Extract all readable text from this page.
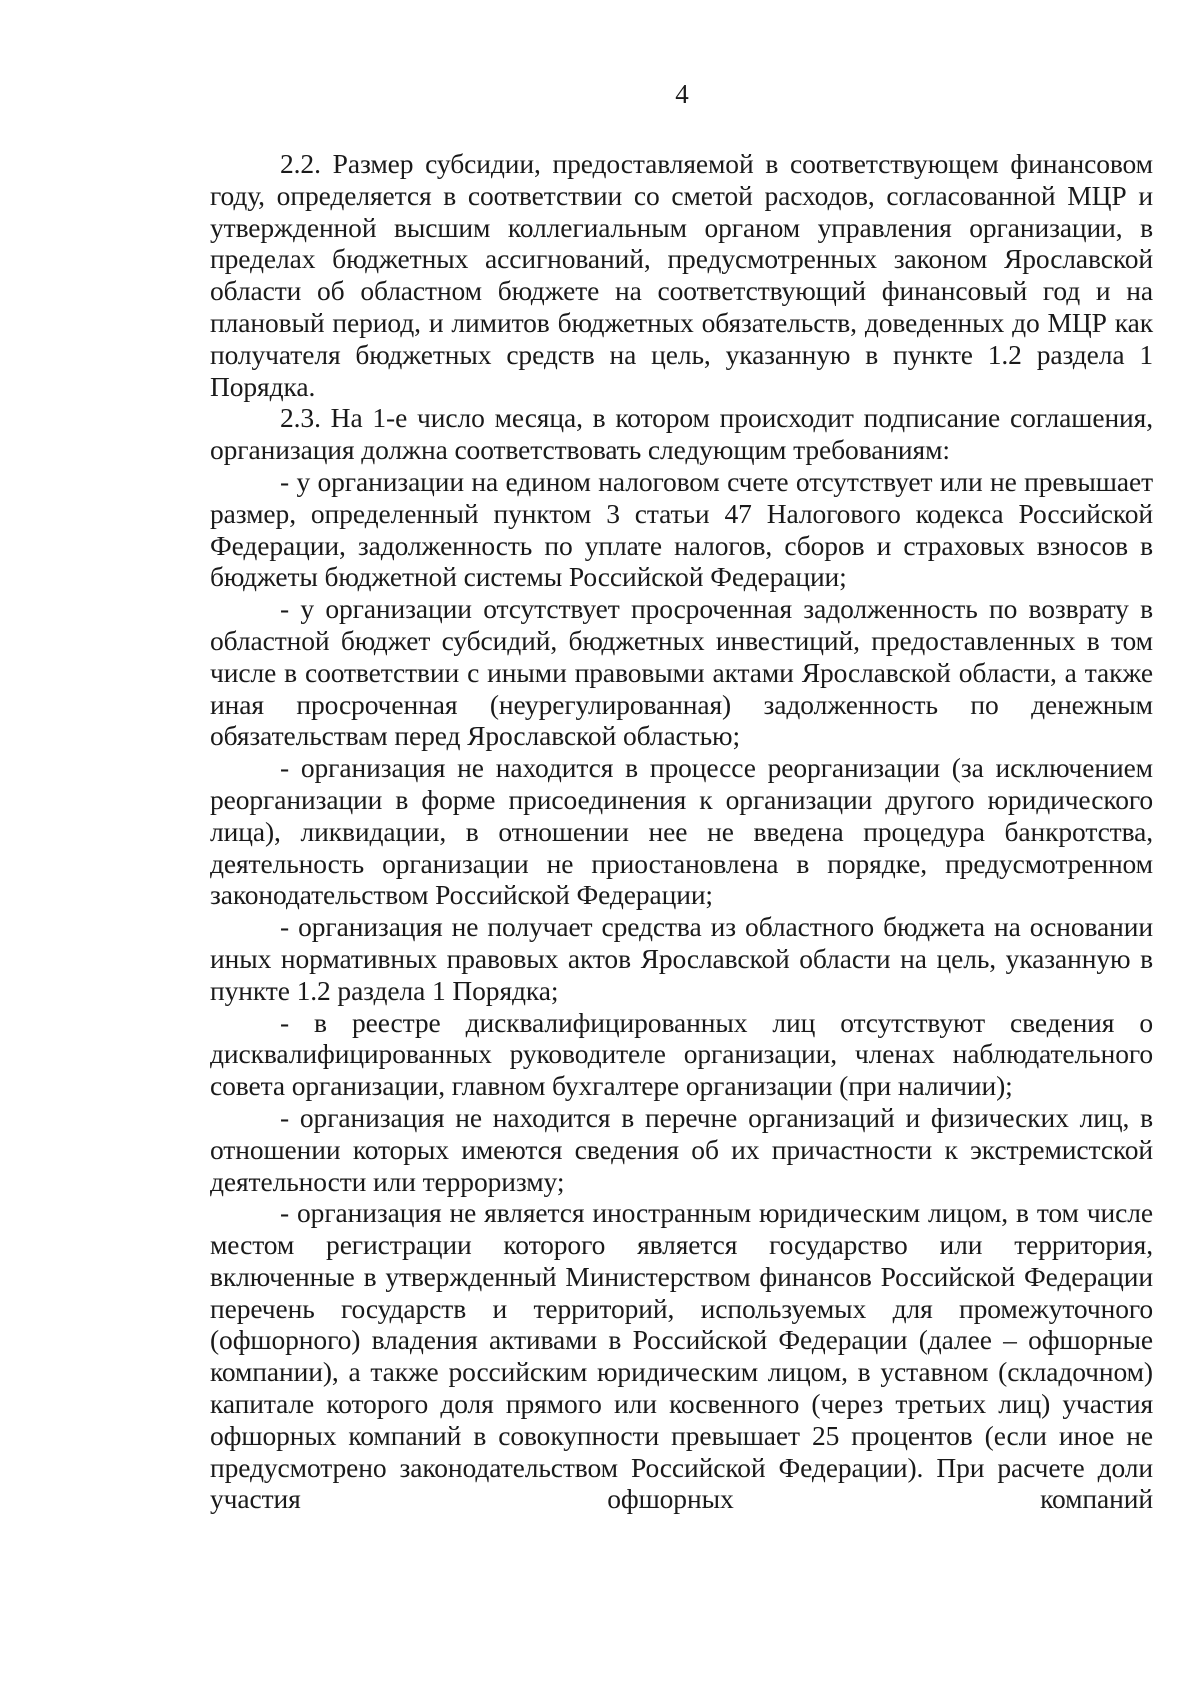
4

2.2. Размер субсидии, предоставляемой в соответствующем финансовом году, определяется в соответствии со сметой расходов, согласованной МЦР и утвержденной высшим коллегиальным органом управления организации, в пределах бюджетных ассигнований, предусмотренных законом Ярославской области об областном бюджете на соответствующий финансовый год и на плановый период, и лимитов бюджетных обязательств, доведенных до МЦР как получателя бюджетных средств на цель, указанную в пункте 1.2 раздела 1 Порядка.

2.3. На 1-е число месяца, в котором происходит подписание соглашения, организация должна соответствовать следующим требованиям:

- у организации на едином налоговом счете отсутствует или не превышает размер, определенный пунктом 3 статьи 47 Налогового кодекса Российской Федерации, задолженность по уплате налогов, сборов и страховых взносов в бюджеты бюджетной системы Российской Федерации;

- у организации отсутствует просроченная задолженность по возврату в областной бюджет субсидий, бюджетных инвестиций, предоставленных в том числе в соответствии с иными правовыми актами Ярославской области, а также иная просроченная (неурегулированная) задолженность по денежным обязательствам перед Ярославской областью;

- организация не находится в процессе реорганизации (за исключением реорганизации в форме присоединения к организации другого юридического лица), ликвидации, в отношении нее не введена процедура банкротства, деятельность организации не приостановлена в порядке, предусмотренном законодательством Российской Федерации;

- организация не получает средства из областного бюджета на основании иных нормативных правовых актов Ярославской области на цель, указанную в пункте 1.2 раздела 1 Порядка;

- в реестре дисквалифицированных лиц отсутствуют сведения о дисквалифицированных руководителе организации, членах наблюдательного совета организации, главном бухгалтере организации (при наличии);

- организация не находится в перечне организаций и физических лиц, в отношении которых имеются сведения об их причастности к экстремистской деятельности или терроризму;

- организация не является иностранным юридическим лицом, в том числе местом регистрации которого является государство или территория, включенные в утвержденный Министерством финансов Российской Федерации перечень государств и территорий, используемых для промежуточного (офшорного) владения активами в Российской Федерации (далее – офшорные компании), а также российским юридическим лицом, в уставном (складочном) капитале которого доля прямого или косвенного (через третьих лиц) участия офшорных компаний в совокупности превышает 25 процентов (если иное не предусмотрено законодательством Российской Федерации). При расчете доли участия офшорных компаний
